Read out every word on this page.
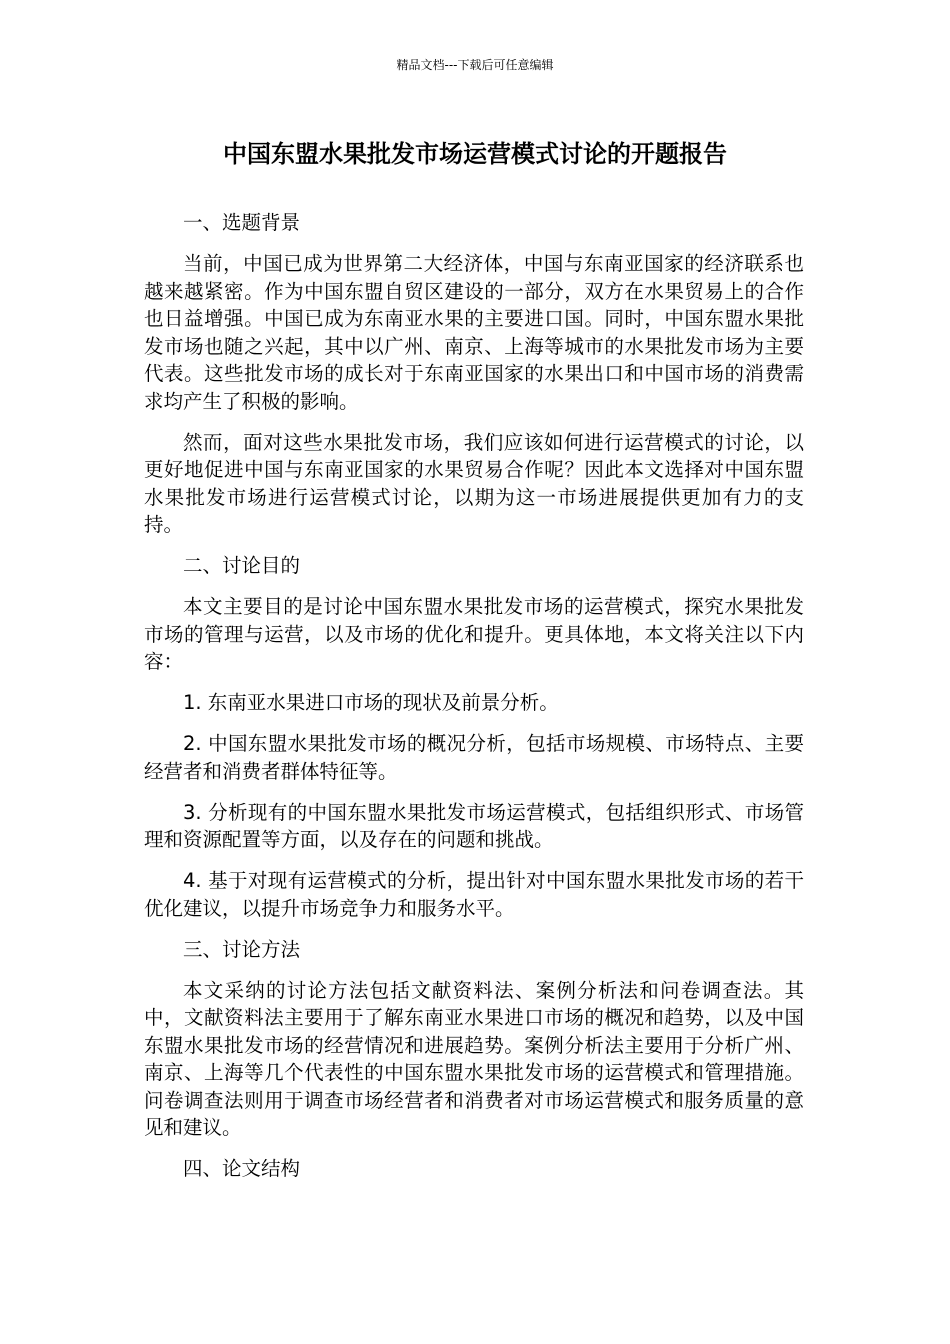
精品文档---下载后可任意编辑
中国东盟水果批发市场运营模式讨论的开题报告

一、选题背景

当前，中国已成为世界第二大经济体，中国与东南亚国家的经济联系也越来越紧密。作为中国东盟自贸区建设的一部分，双方在水果贸易上的合作也日益增强。中国已成为东南亚水果的主要进口国。同时，中国东盟水果批发市场也随之兴起，其中以广州、南京、上海等城市的水果批发市场为主要代表。这些批发市场的成长对于东南亚国家的水果出口和中国市场的消费需求均产生了积极的影响。

然而，面对这些水果批发市场，我们应该如何进行运营模式的讨论，以更好地促进中国与东南亚国家的水果贸易合作呢？因此本文选择对中国东盟水果批发市场进行运营模式讨论，以期为这一市场进展提供更加有力的支持。

二、讨论目的

本文主要目的是讨论中国东盟水果批发市场的运营模式，探究水果批发市场的管理与运营，以及市场的优化和提升。更具体地，本文将关注以下内容：

1. 东南亚水果进口市场的现状及前景分析。

2. 中国东盟水果批发市场的概况分析，包括市场规模、市场特点、主要经营者和消费者群体特征等。

3. 分析现有的中国东盟水果批发市场运营模式，包括组织形式、市场管理和资源配置等方面，以及存在的问题和挑战。

4. 基于对现有运营模式的分析，提出针对中国东盟水果批发市场的若干优化建议，以提升市场竞争力和服务水平。

三、讨论方法

本文采纳的讨论方法包括文献资料法、案例分析法和问卷调查法。其中，文献资料法主要用于了解东南亚水果进口市场的概况和趋势，以及中国东盟水果批发市场的经营情况和进展趋势。案例分析法主要用于分析广州、南京、上海等几个代表性的中国东盟水果批发市场的运营模式和管理措施。问卷调查法则用于调查市场经营者和消费者对市场运营模式和服务质量的意见和建议。

四、论文结构
